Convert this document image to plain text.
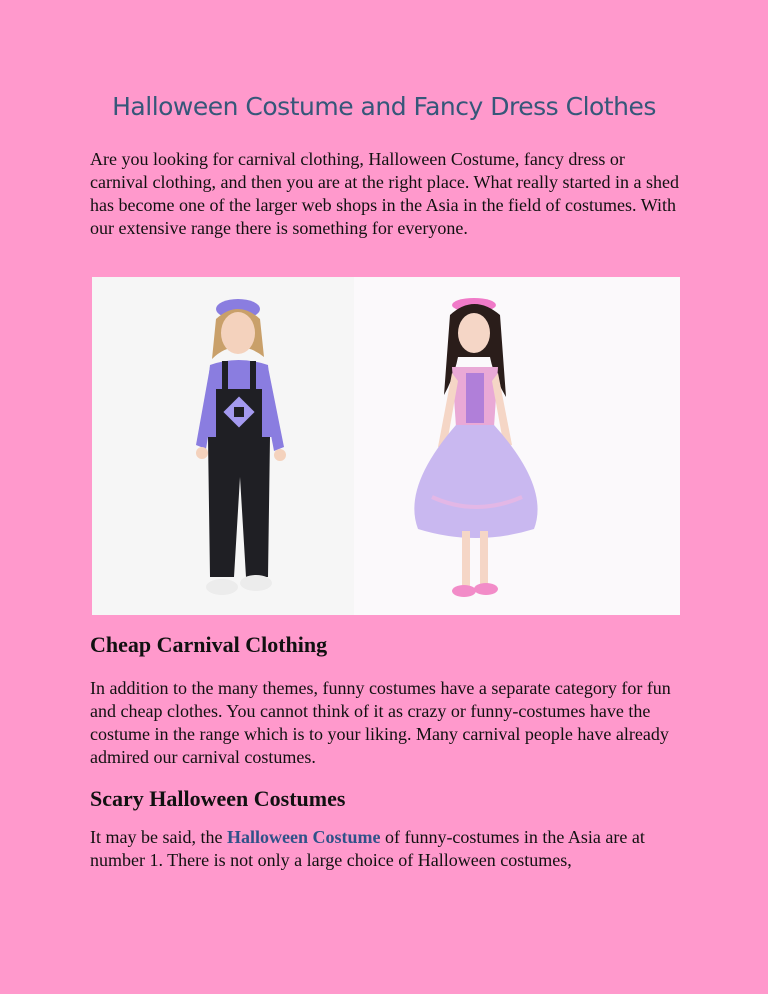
Halloween Costume and Fancy Dress Clothes

Are you looking for carnival clothing, Halloween Costume, fancy dress or carnival clothing, and then you are at the right place. What really started in a shed has become one of the larger web shops in the Asia in the field of costumes. With our extensive range there is something for everyone.

Cheap Carnival Clothing

In addition to the many themes, funny costumes have a separate category for fun and cheap clothes. You cannot think of it as crazy or funny-costumes have the costume in the range which is to your liking. Many carnival people have already admired our carnival costumes.

Scary Halloween Costumes

It may be said, the Halloween Costume of funny-costumes in the Asia are at number 1. There is not only a large choice of Halloween costumes,
